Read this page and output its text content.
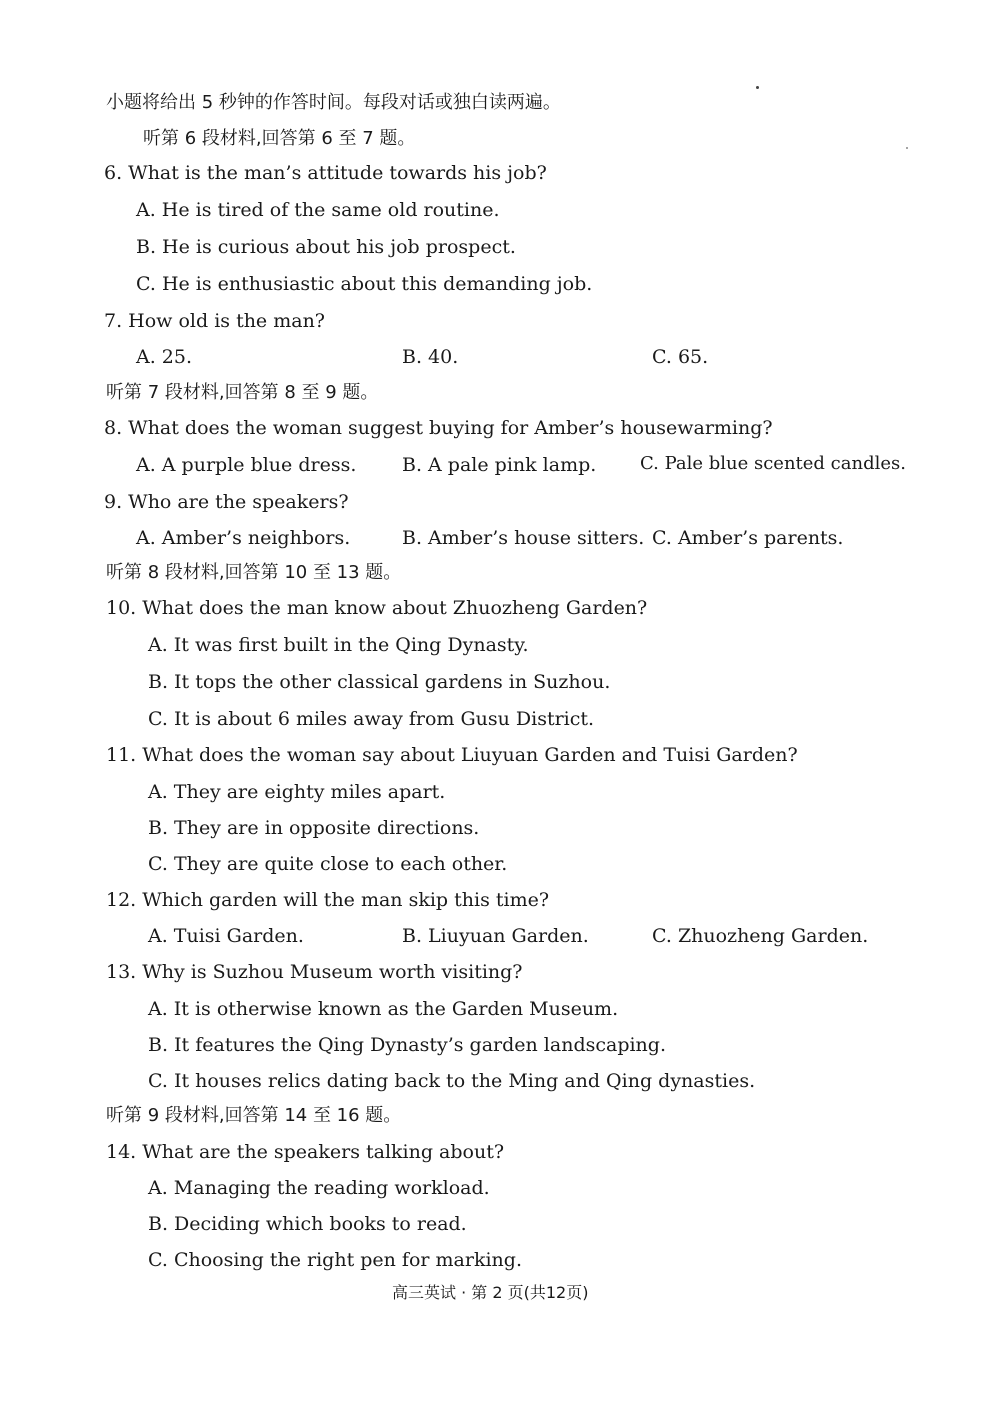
小题将给出 5 秒钟的作答时间。每段对话或独白读两遍。
听第 6 段材料,回答第 6 至 7 题。
6. What is the man’s attitude towards his job?
A. He is tired of the same old routine.
B. He is curious about his job prospect.
C. He is enthusiastic about this demanding job.
7. How old is the man?
A. 25.	B. 40.	C. 65.
听第 7 段材料,回答第 8 至 9 题。
8. What does the woman suggest buying for Amber’s housewarming?
A. A purple blue dress. B. A pale pink lamp. C. Pale blue scented candles.
9. Who are the speakers?
A. Amber’s neighbors.	B. Amber’s house sitters. C. Amber’s parents.
听第 8 段材料,回答第 10 至 13 题。
10. What does the man know about Zhuozheng Garden?
A. It was first built in the Qing Dynasty.
B. It tops the other classical gardens in Suzhou.
C. It is about 6 miles away from Gusu District.
11. What does the woman say about Liuyuan Garden and Tuisi Garden?
A. They are eighty miles apart.
B. They are in opposite directions.
C. They are quite close to each other.
12. Which garden will the man skip this time?
A. Tuisi Garden.	B. Liuyuan Garden.	C. Zhuozheng Garden.
13. Why is Suzhou Museum worth visiting?
A. It is otherwise known as the Garden Museum.
B. It features the Qing Dynasty’s garden landscaping.
C. It houses relics dating back to the Ming and Qing dynasties.
听第 9 段材料,回答第 14 至 16 题。
14. What are the speakers talking about?
A. Managing the reading workload.
B. Deciding which books to read.
C. Choosing the right pen for marking.
高三英试 · 第 2 页(共12页)
